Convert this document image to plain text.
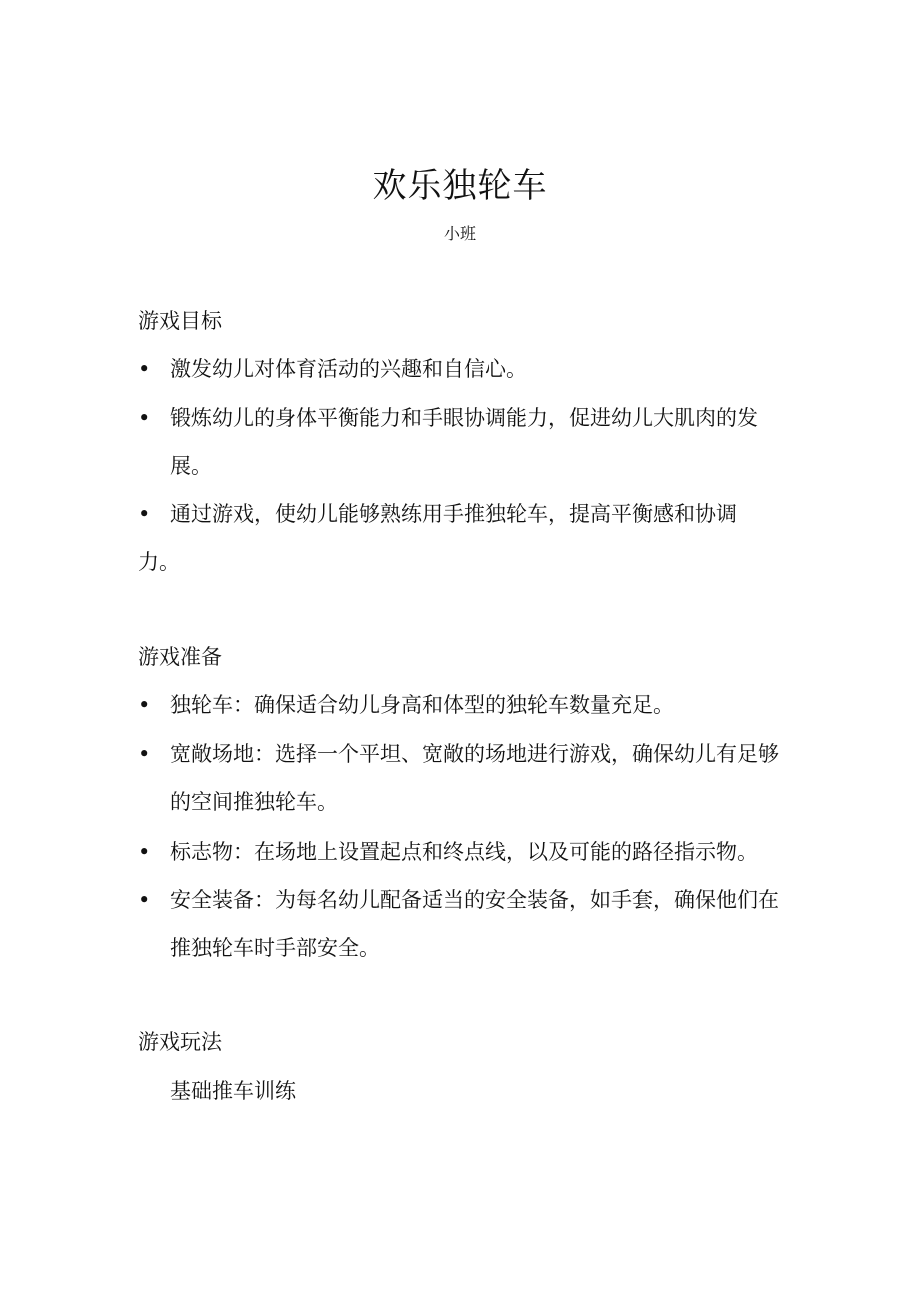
欢乐独轮车
小班
游戏目标
• 激发幼儿对体育活动的兴趣和自信心。
• 锻炼幼儿的身体平衡能力和手眼协调能力，促进幼儿大肌肉的发展。
• 通过游戏，使幼儿能够熟练用手推独轮车，提高平衡感和协调力。
游戏准备
• 独轮车：确保适合幼儿身高和体型的独轮车数量充足。
• 宽敞场地：选择一个平坦、宽敞的场地进行游戏，确保幼儿有足够的空间推独轮车。
• 标志物：在场地上设置起点和终点线，以及可能的路径指示物。
• 安全装备：为每名幼儿配备适当的安全装备，如手套，确保他们在推独轮车时手部安全。
游戏玩法
基础推车训练
